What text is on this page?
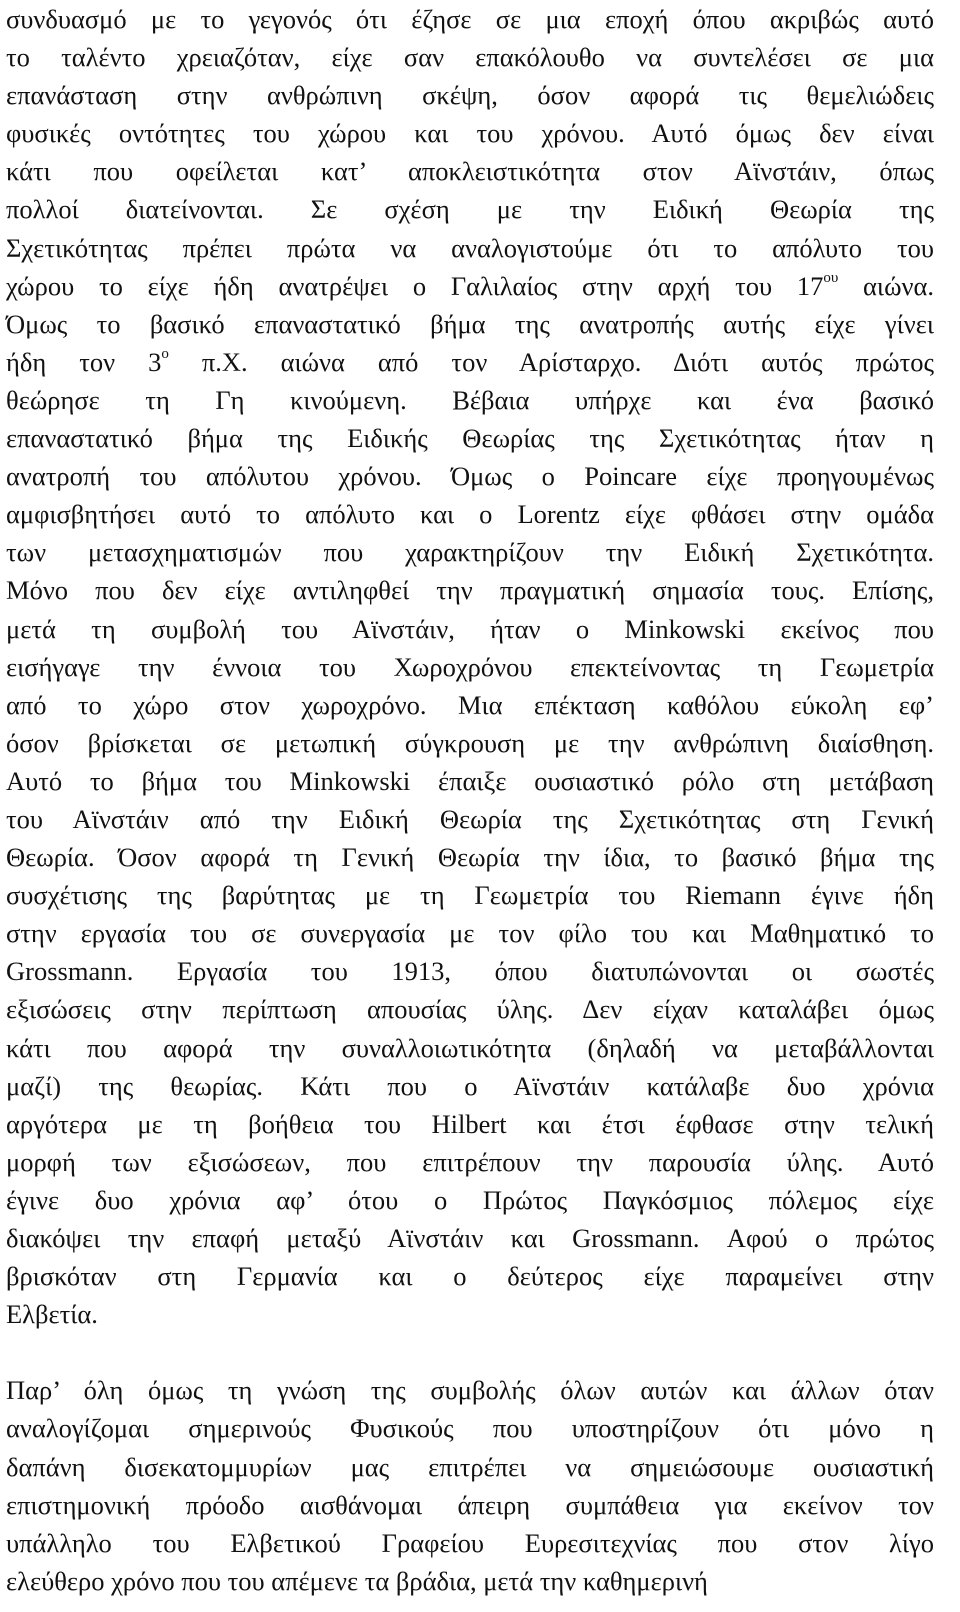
συνδυασμό με το γεγονός ότι έζησε σε μια εποχή όπου ακριβώς αυτό
το ταλέντο χρειαζόταν, είχε σαν επακόλουθο να συντελέσει σε μια
επανάσταση στην ανθρώπινη σκέψη, όσον αφορά τις θεμελιώδεις
φυσικές οντότητες του χώρου και του χρόνου. Αυτό όμως δεν είναι
κάτι που οφείλεται κατ’ αποκλειστικότητα στον Αϊνστάιν, όπως
πολλοί διατείνονται. Σε σχέση με την Ειδική Θεωρία της
Σχετικότητας πρέπει πρώτα να αναλογιστούμε ότι το απόλυτο του
χώρου το είχε ήδη ανατρέψει ο Γαλιλαίος στην αρχή του $17^{o\upsilon}$ αιώνα.
Όμως το βασικό επαναστατικό βήμα της ανατροπής αυτής είχε γίνει
ήδη τον $3^o$ π.Χ. αιώνα από τον Αρίσταρχο. Διότι αυτός πρώτος
θεώρησε τη Γη κινούμενη. Βέβαια υπήρχε και ένα βασικό
επαναστατικό βήμα της Ειδικής Θεωρίας της Σχετικότητας ήταν η
ανατροπή του απόλυτου χρόνου. Όμως ο Poincare είχε προηγουμένως
αμφισβητήσει αυτό το απόλυτο και ο Lorentz είχε φθάσει στην ομάδα
των μετασχηματισμών που χαρακτηρίζουν την Ειδική Σχετικότητα.
Μόνο που δεν είχε αντιληφθεί την πραγματική σημασία τους. Επίσης,
μετά τη συμβολή του Αϊνστάιν, ήταν ο Minkowski εκείνος που
εισήγαγε την έννοια του Χωροχρόνου επεκτείνοντας τη Γεωμετρία
από το χώρο στον χωροχρόνο. Μια επέκταση καθόλου εύκολη εφ’
όσον βρίσκεται σε μετωπική σύγκρουση με την ανθρώπινη διαίσθηση.
Αυτό το βήμα του Minkowski έπαιξε ουσιαστικό ρόλο στη μετάβαση
του Αϊνστάιν από την Ειδική Θεωρία της Σχετικότητας στη Γενική
Θεωρία. Όσον αφορά τη Γενική Θεωρία την ίδια, το βασικό βήμα της
συσχέτισης της βαρύτητας με τη Γεωμετρία του Riemann έγινε ήδη
στην εργασία του σε συνεργασία με τον φίλο του και Μαθηματικό το
Grossmann. Εργασία του 1913, όπου διατυπώνονται οι σωστές
εξισώσεις στην περίπτωση απουσίας ύλης. Δεν είχαν καταλάβει όμως
κάτι που αφορά την συναλλοιωτικότητα (δηλαδή να μεταβάλλονται
μαζί) της θεωρίας. Κάτι που ο Αϊνστάιν κατάλαβε δυο χρόνια
αργότερα με τη βοήθεια του Hilbert και έτσι έφθασε στην τελική
μορφή των εξισώσεων, που επιτρέπουν την παρουσία ύλης. Αυτό
έγινε δυο χρόνια αφ’ ότου ο Πρώτος Παγκόσμιος πόλεμος είχε
διακόψει την επαφή μεταξύ Αϊνστάιν και Grossmann. Αφού ο πρώτος
βρισκόταν στη Γερμανία και ο δεύτερος είχε παραμείνει στην
Ελβετία.
Παρ’ όλη όμως τη γνώση της συμβολής όλων αυτών και άλλων όταν
αναλογίζομαι σημερινούς Φυσικούς που υποστηρίζουν ότι μόνο η
δαπάνη δισεκατομμυρίων μας επιτρέπει να σημειώσουμε ουσιαστική
επιστημονική πρόοδο αισθάνομαι άπειρη συμπάθεια για εκείνον τον
υπάλληλο του Ελβετικού Γραφείου Ευρεσιτεχνίας που στον λίγο
ελεύθερο χρόνο που του απέμενε τα βράδια, μετά την καθημερινή
